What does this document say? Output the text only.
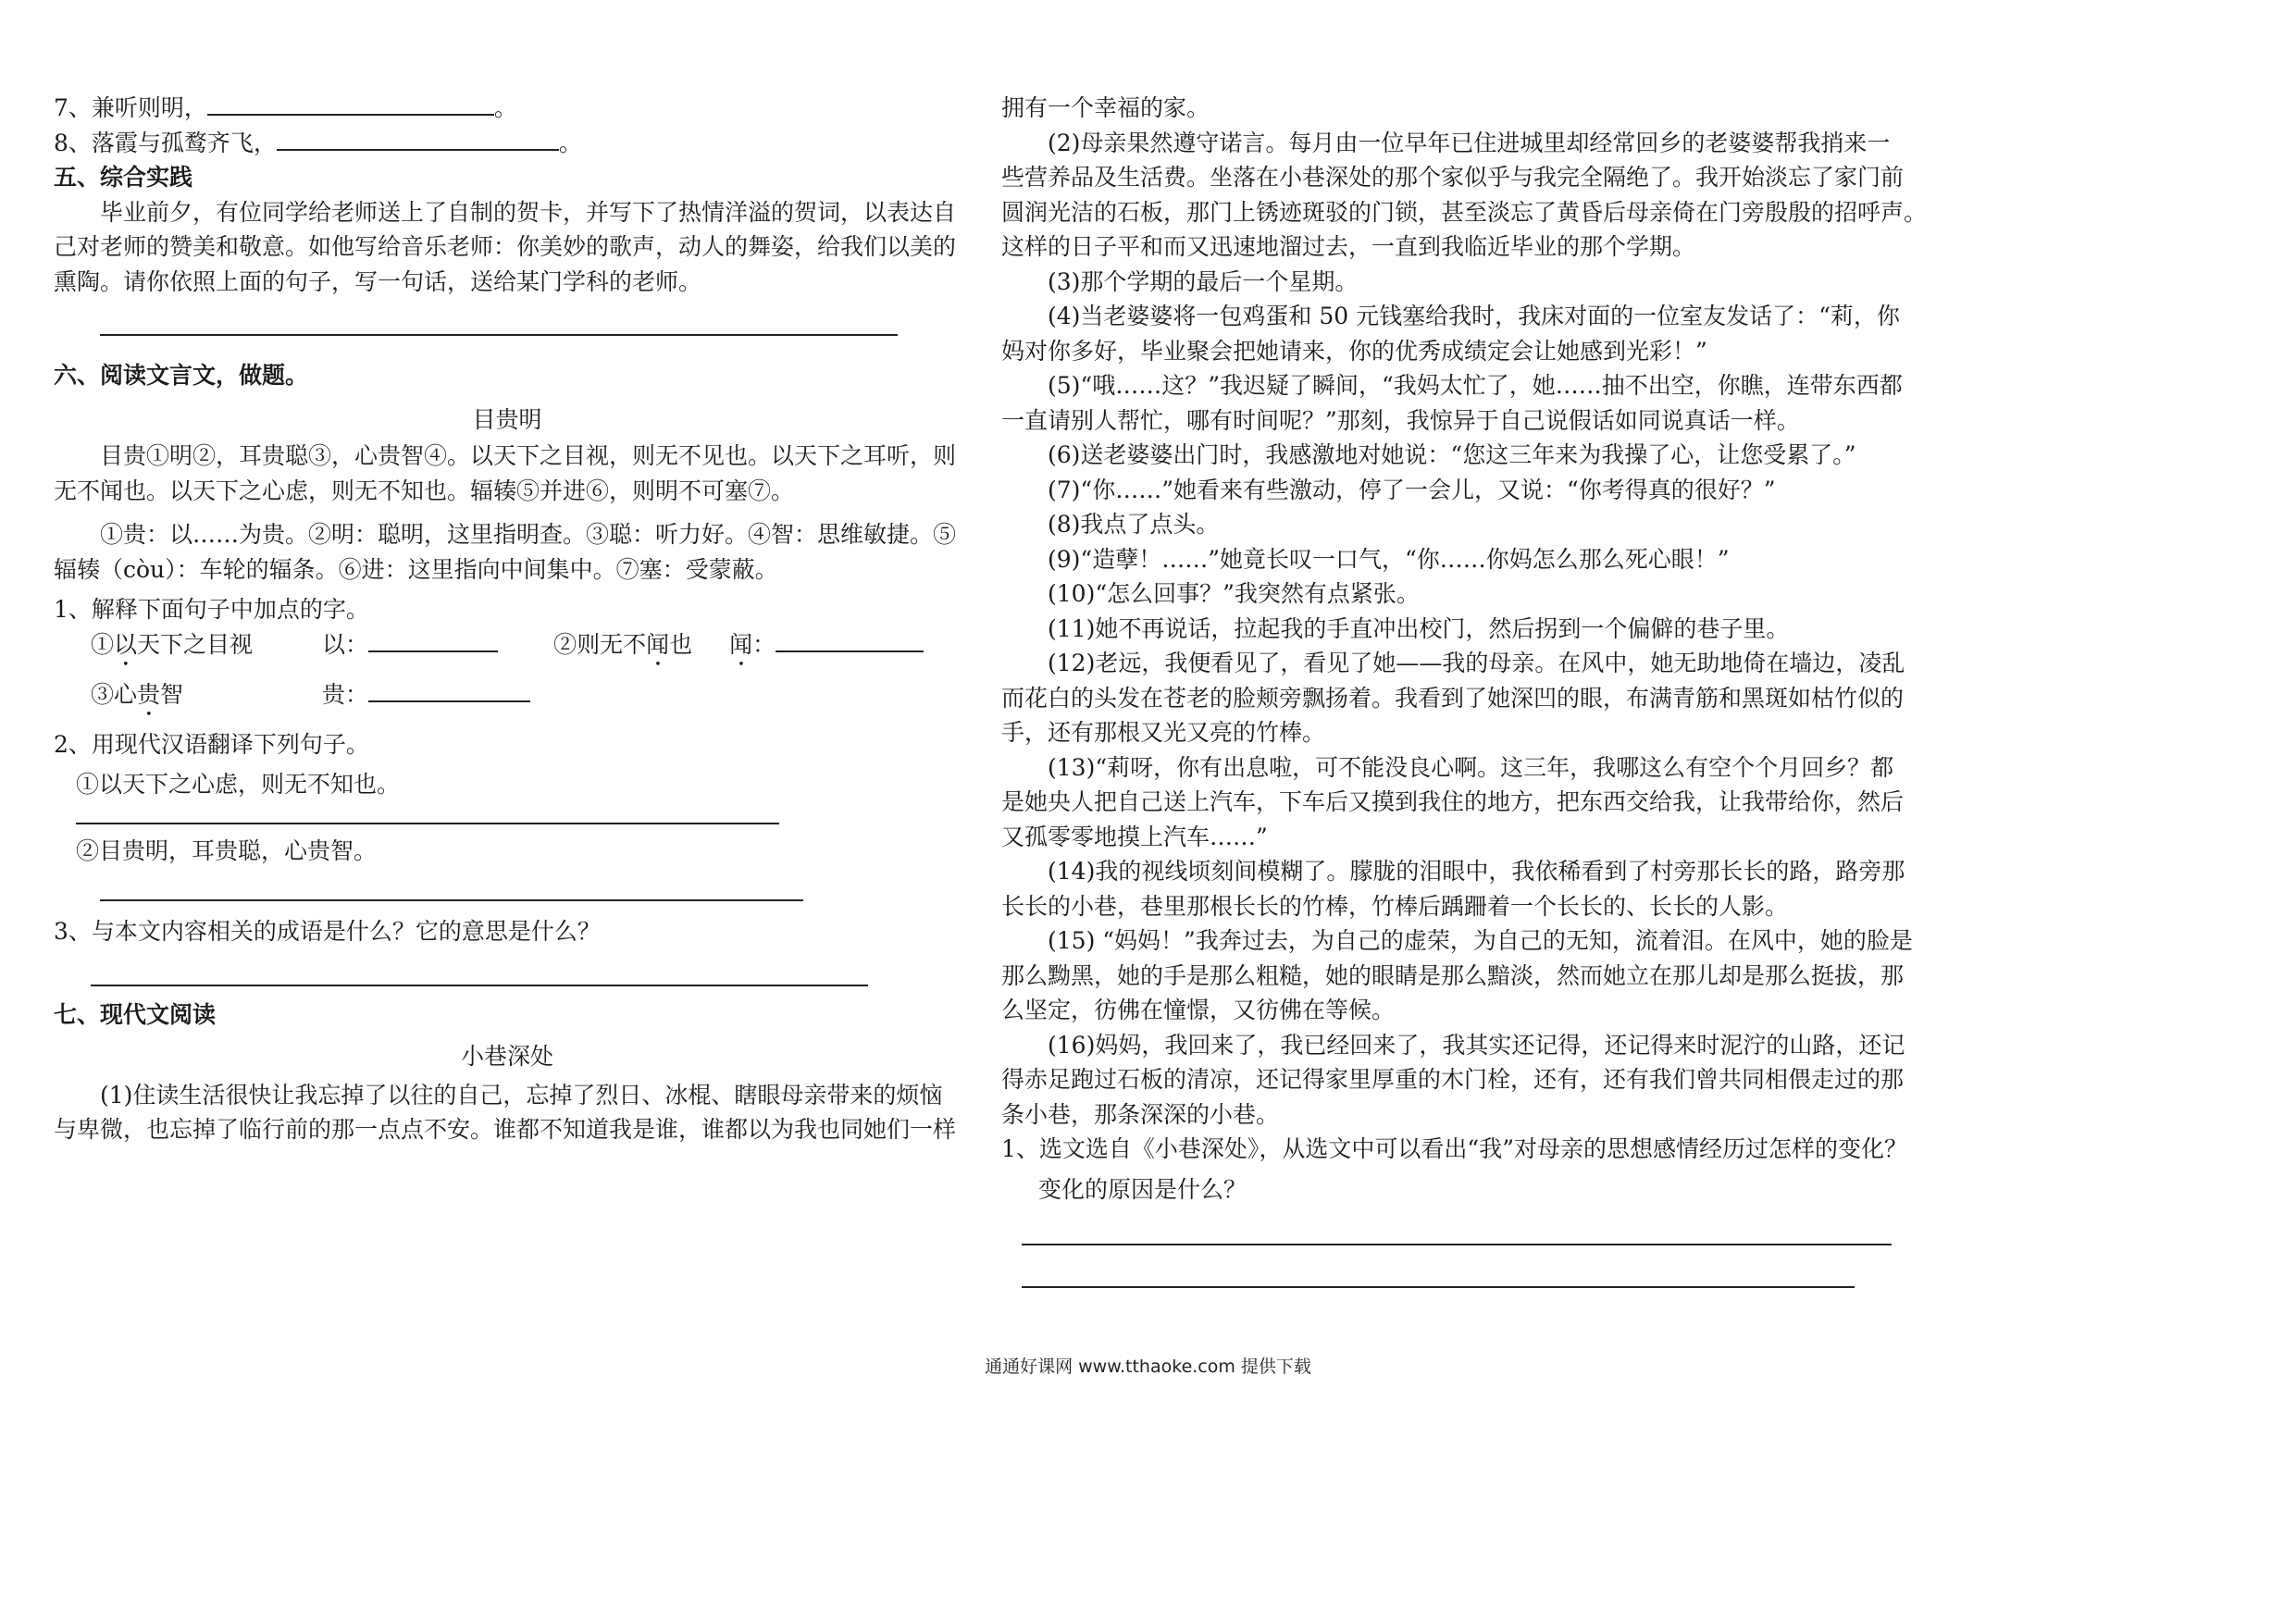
7、兼听则明，	。

8、落霞与孤鹜齐飞，	。

五、综合实践

毕业前夕，有位同学给老师送上了自制的贺卡，并写下了热情洋溢的贺词，以表达自

己对老师的赞美和敬意。如他写给音乐老师：你美妙的歌声，动人的舞姿，给我们以美的

熏陶。请你依照上面的句子，写一句话，送给某门学科的老师。

六、阅读文言文，做题。

目贵明

目贵①明②，耳贵聪③，心贵智④。以天下之目视，则无不见也。以天下之耳听，则

无不闻也。以天下之心虑，则无不知也。辐辏⑤并进⑥，则明不可塞⑦。

①贵：以……为贵。②明：聪明，这里指明查。③聪：听力好。④智：思维敏捷。⑤

辐辏（còu）：车轮的辐条。⑥进：这里指向中间集中。⑦塞：受蒙蔽。

1、解释下面句子中加点的字。

①以天下之目视	以：	②则无不闻也 闻：

③心贵智	贵：

2、用现代汉语翻译下列句子。

①以天下之心虑，则无不知也。

②目贵明，耳贵聪，心贵智。

3、与本文内容相关的成语是什么？它的意思是什么？

七、现代文阅读

小巷深处

(1)住读生活很快让我忘掉了以往的自己，忘掉了烈日、冰棍、瞎眼母亲带来的烦恼

与卑微，也忘掉了临行前的那一点点不安。谁都不知道我是谁，谁都以为我也同她们一样

拥有一个幸福的家。

(2)母亲果然遵守诺言。每月由一位早年已住进城里却经常回乡的老婆婆帮我捎来一

些营养品及生活费。坐落在小巷深处的那个家似乎与我完全隔绝了。我开始淡忘了家门前

圆润光洁的石板，那门上锈迹斑驳的门锁，甚至淡忘了黄昏后母亲倚在门旁殷殷的招呼声。

这样的日子平和而又迅速地溜过去，一直到我临近毕业的那个学期。

(3)那个学期的最后一个星期。

(4)当老婆婆将一包鸡蛋和 50 元钱塞给我时，我床对面的一位室友发话了：“莉，你

妈对你多好，毕业聚会把她请来，你的优秀成绩定会让她感到光彩！”

(5)“哦……这？”我迟疑了瞬间，“我妈太忙了，她……抽不出空，你瞧，连带东西都

一直请别人帮忙，哪有时间呢？”那刻，我惊异于自己说假话如同说真话一样。

(6)送老婆婆出门时，我感激地对她说：“您这三年来为我操了心，让您受累了。”

(7)“你……”她看来有些激动，停了一会儿，又说：“你考得真的很好？”

(8)我点了点头。

(9)“造孽！……”她竟长叹一口气，“你……你妈怎么那么死心眼！”

(10)“怎么回事？”我突然有点紧张。

(11)她不再说话，拉起我的手直冲出校门，然后拐到一个偏僻的巷子里。

(12)老远，我便看见了，看见了她——我的母亲。在风中，她无助地倚在墙边，凌乱

而花白的头发在苍老的脸颊旁飘扬着。我看到了她深凹的眼，布满青筋和黑斑如枯竹似的

手，还有那根又光又亮的竹棒。

(13)“莉呀，你有出息啦，可不能没良心啊。这三年，我哪这么有空个个月回乡？都

是她央人把自己送上汽车，下车后又摸到我住的地方，把东西交给我，让我带给你，然后

又孤零零地摸上汽车……”

(14)我的视线顷刻间模糊了。朦胧的泪眼中，我依稀看到了村旁那长长的路，路旁那

长长的小巷，巷里那根长长的竹棒，竹棒后踽跚着一个长长的、长长的人影。

(15) “妈妈！”我奔过去，为自己的虚荣，为自己的无知，流着泪。在风中，她的脸是

那么黝黑，她的手是那么粗糙，她的眼睛是那么黯淡，然而她立在那儿却是那么挺拔，那

么坚定，彷佛在憧憬，又彷佛在等候。

(16)妈妈，我回来了，我已经回来了，我其实还记得，还记得来时泥泞的山路，还记

得赤足跑过石板的清凉，还记得家里厚重的木门栓，还有，还有我们曾共同相偎走过的那

条小巷，那条深深的小巷。

1、选文选自《小巷深处》，从选文中可以看出“我”对母亲的思想感情经历过怎样的变化？

变化的原因是什么？

通通好课网 www.tthaoke.com 提供下载
